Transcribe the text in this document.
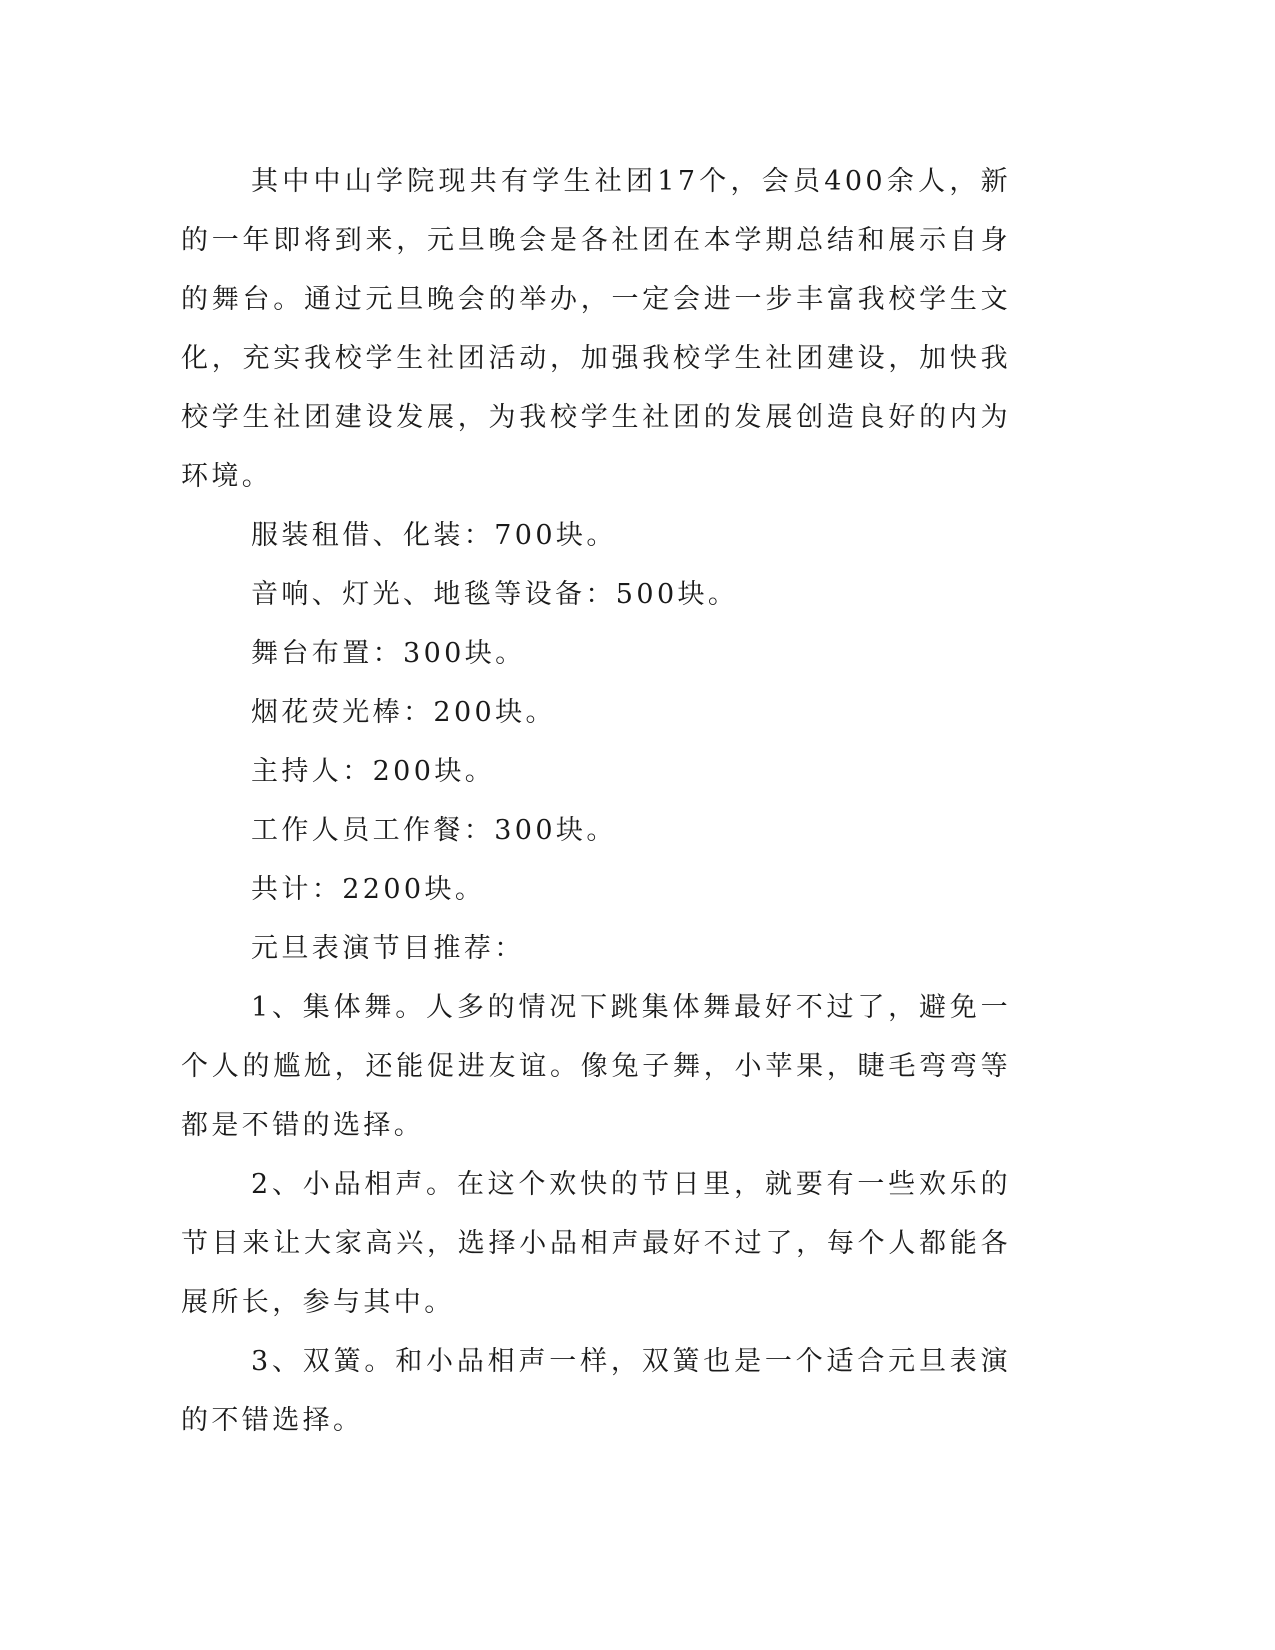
其中中山学院现共有学生社团17个，会员400余人，新的一年即将到来，元旦晚会是各社团在本学期总结和展示自身的舞台。通过元旦晚会的举办，一定会进一步丰富我校学生文化，充实我校学生社团活动，加强我校学生社团建设，加快我校学生社团建设发展，为我校学生社团的发展创造良好的内为环境。

服装租借、化装：700块。

音响、灯光、地毯等设备：500块。

舞台布置：300块。

烟花荧光棒：200块。

主持人：200块。

工作人员工作餐：300块。

共计：2200块。

元旦表演节目推荐：

1、集体舞。人多的情况下跳集体舞最好不过了，避免一个人的尴尬，还能促进友谊。像兔子舞，小苹果，睫毛弯弯等都是不错的选择。

2、小品相声。在这个欢快的节日里，就要有一些欢乐的节目来让大家高兴，选择小品相声最好不过了，每个人都能各展所长，参与其中。

3、双簧。和小品相声一样，双簧也是一个适合元旦表演的不错选择。
